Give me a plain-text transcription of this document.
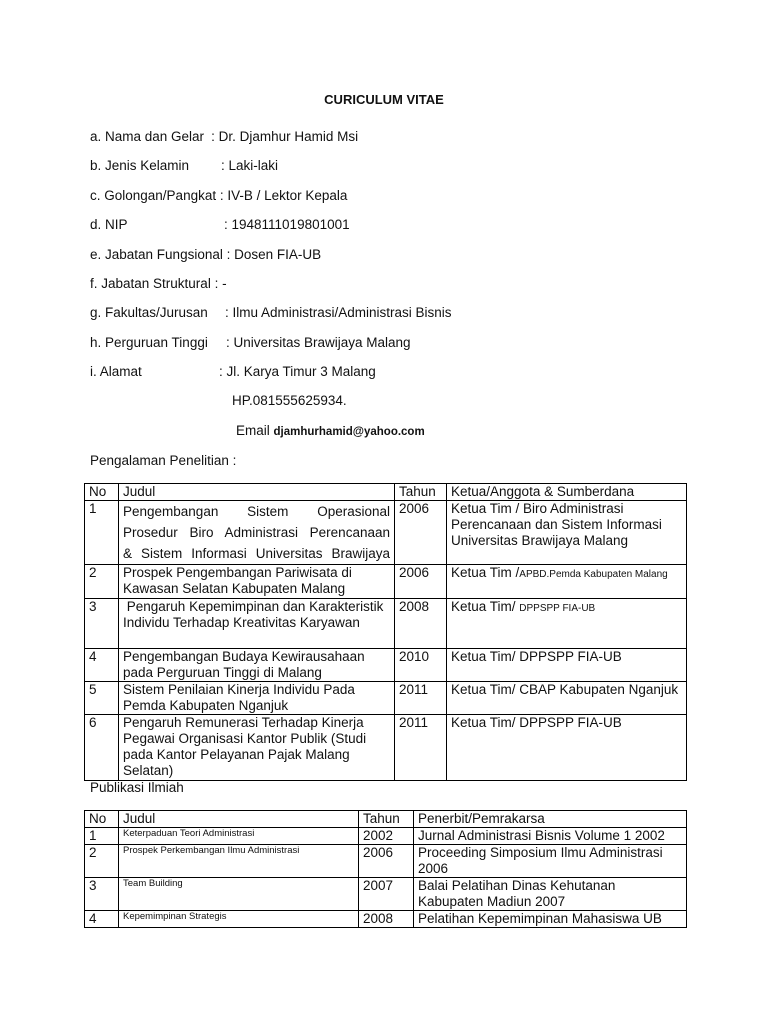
CURICULUM VITAE
a. Nama dan Gelar : Dr. Djamhur Hamid Msi
b. Jenis Kelamin : Laki-laki
c. Golongan/Pangkat : IV-B / Lektor Kepala
d. NIP	: 1948111019801001
e. Jabatan Fungsional : Dosen FIA-UB
f. Jabatan Struktural : -
g. Fakultas/Jurusan : Ilmu Administrasi/Administrasi Bisnis
h. Perguruan Tinggi : Universitas Brawijaya Malang
i. Alamat	: Jl. Karya Timur 3 Malang
HP.081555625934.
Email djamhurhamid@yahoo.com
Pengalaman Penelitian :
No	Judul	Tahun	Ketua/Anggota & Sumberdana
1	Pengembangan Sistem Operasional
Prosedur Biro Administrasi Perencanaan
& Sistem Informasi Universitas Brawijaya	2006	Ketua Tim / Biro Administrasi Perencanaan dan Sistem Informasi Universitas Brawijaya Malang
2	Prospek Pengembangan Pariwisata di Kawasan Selatan Kabupaten Malang	2006	Ketua Tim /APBD.Pemda Kabupaten Malang
3	Pengaruh Kepemimpinan dan Karakteristik Individu Terhadap Kreativitas Karyawan	2008	Ketua Tim/ DPPSPP FIA-UB
4	Pengembangan Budaya Kewirausahaan pada Perguruan Tinggi di Malang	2010	Ketua Tim/ DPPSPP FIA-UB
5	Sistem Penilaian Kinerja Individu Pada Pemda Kabupaten Nganjuk	2011	Ketua Tim/ CBAP Kabupaten Nganjuk
6	Pengaruh Remunerasi Terhadap Kinerja Pegawai Organisasi Kantor Publik (Studi pada Kantor Pelayanan Pajak Malang Selatan)	2011	Ketua Tim/ DPPSPP FIA-UB
Publikasi Ilmiah
No	Judul	Tahun	Penerbit/Pemrakarsa
1	Keterpaduan Teori Administrasi	2002	Jurnal Administrasi Bisnis Volume 1 2002
2	Prospek Perkembangan Ilmu Administrasi	2006	Proceeding Simposium Ilmu Administrasi 2006
3	Team Building	2007	Balai Pelatihan Dinas Kehutanan Kabupaten Madiun 2007
4	Kepemimpinan Strategis	2008	Pelatihan Kepemimpinan Mahasiswa UB
